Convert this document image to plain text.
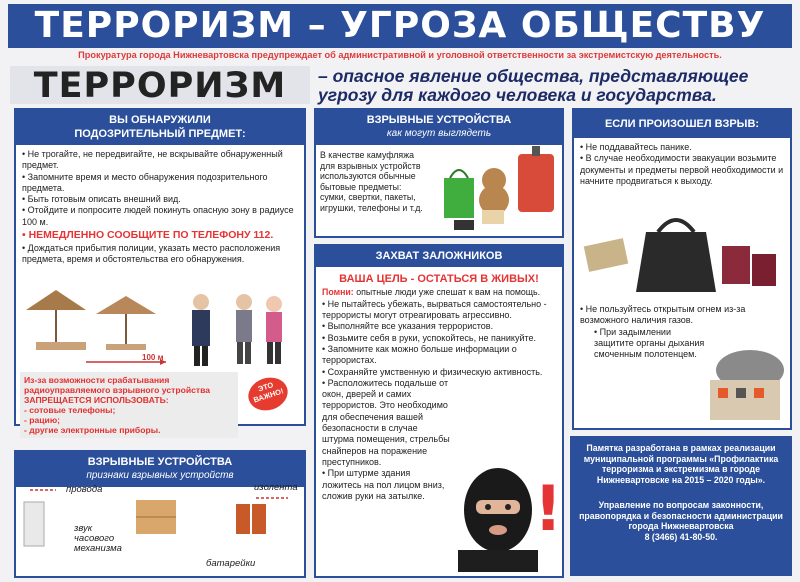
ТЕРРОРИЗМ – УГРОЗА ОБЩЕСТВУ
Прокуратура города Нижневартовска предупреждает об административной и уголовной ответственности за экстремистскую деятельность.
ТЕРРОРИЗМ	– опасное явление общества, представляющее угрозу для каждого человека и государства.
ВЫ ОБНАРУЖИЛИ
ПОДОЗРИТЕЛЬНЫЙ ПРЕДМЕТ:
• Не трогайте, не передвигайте, не вскрывайте обнаруженный предмет.
• Запомните время и место обнаружения подозрительного предмета.
• Быть готовым описать внешний вид.
• Отойдите и попросите людей покинуть опасную зону в радиусе 100 м.
• НЕМЕДЛЕННО СООБЩИТЕ ПО ТЕЛЕФОНУ 112.
• Дождаться прибытия полиции, указать место расположения предмета, время и обстоятельства его обнаружения.
100 м
Из-за возможности срабатывания радиоуправляемого взрывного устройства ЗАПРЕЩАЕТСЯ ИСПОЛЬЗОВАТЬ:
- сотовые телефоны;
- рацию;
- другие электронные приборы.
ЭТО ВАЖНО!
ВЗРЫВНЫЕ УСТРОЙСТВА
как могут выглядеть
В качестве камуфляжа для взрывных устройств используются обычные бытовые предметы:
сумки, свертки, пакеты, игрушки, телефоны и т.д.
ЗАХВАТ ЗАЛОЖНИКОВ
ВАША ЦЕЛЬ - ОСТАТЬСЯ В ЖИВЫХ!
Помни: опытные люди уже спешат к вам на помощь.
• Не пытайтесь убежать, вырваться самостоятельно - террористы могут отреагировать агрессивно.
• Выполняйте все указания террористов.
• Возьмите себя в руки, успокойтесь, не паникуйте.
• Запомните как можно больше информации о террористах.
• Сохраняйте умственную и физическую активность.
• Расположитесь подальше от окон, дверей и самих террористов. Это необходимо для обеспечения вашей безопасности в случае штурма помещения, стрельбы снайперов на поражение преступников.
• При штурме здания ложитесь на пол лицом вниз, сложив руки на затылке.	!
ЕСЛИ ПРОИЗОШЕЛ ВЗРЫВ:
• Не поддавайтесь панике.
• В случае необходимости эвакуации возьмите документы и предметы первой необходимости и начните продвигаться к выходу.
• Не пользуйтесь открытым огнем из-за возможного наличия газов.
• При задымлении защитите органы дыхания смоченным полотенцем.
ВЗРЫВНЫЕ УСТРОЙСТВА
признаки взрывных устройств
провода
звук часового механизма
изолента
батарейки
Памятка разработана в рамках реализации муниципальной программы «Профилактика терроризма и экстремизма в городе Нижневартовске на 2015 – 2020 годы».
Управление по вопросам законности, правопорядка и безопасности администрации города Нижневартовска
8 (3466) 41-80-50.
